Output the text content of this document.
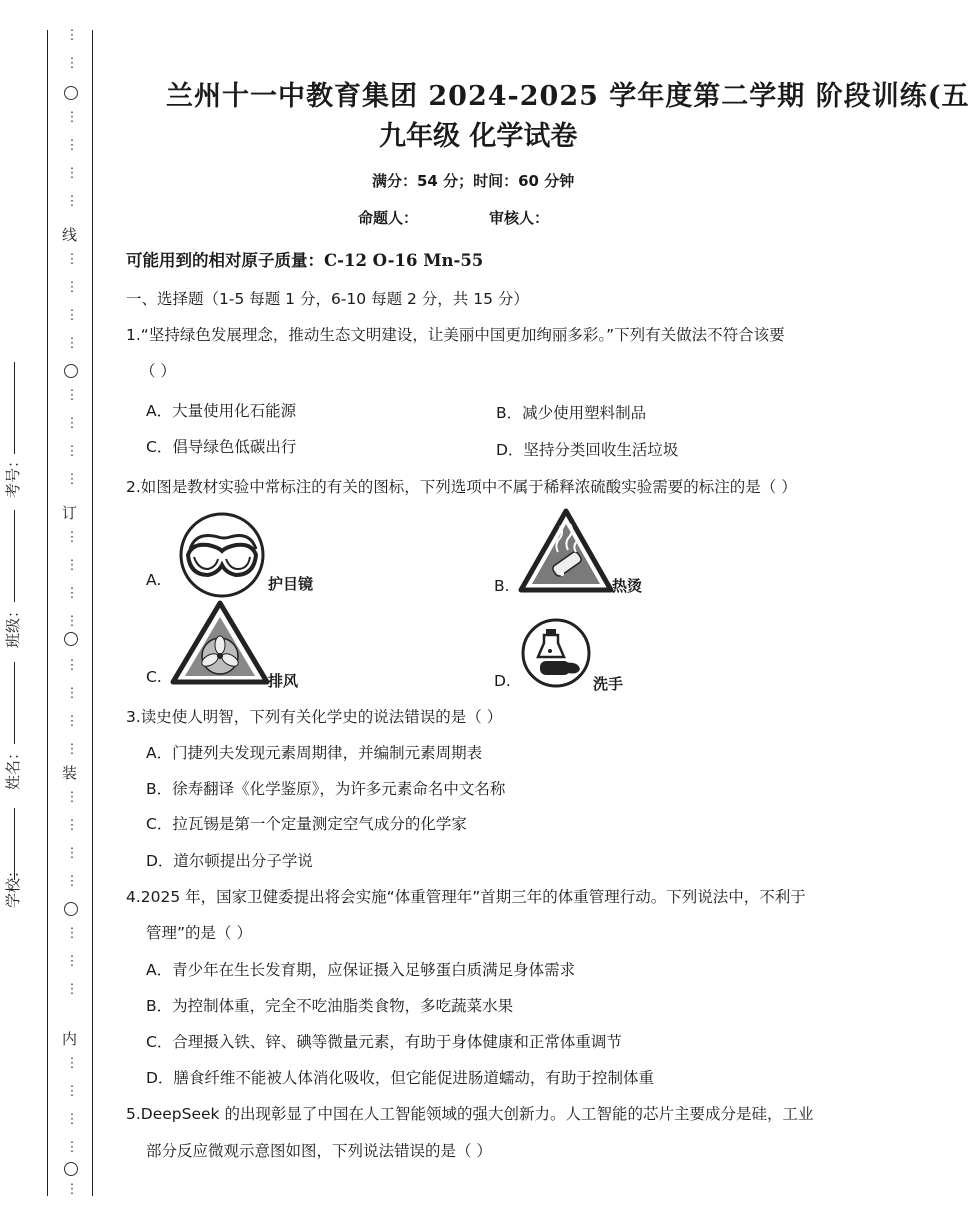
⋮
⋮
⋮
⋮
⋮
⋮
线
⋮
⋮
⋮
⋮
⋮
⋮
⋮
⋮
订
⋮
⋮
⋮
⋮
⋮
⋮
⋮
⋮
装
⋮
⋮
⋮
⋮
⋮
⋮
⋮
内
⋮
⋮
⋮
⋮
⋮
考号：
班级：
姓名：
学校：
兰州十一中教育集团 2024-2025 学年度第二学期 阶段训练(五
九年级 化学试卷
满分：54 分；时间：60 分钟
命题人：	审核人：
可能用到的相对原子质量：C-12 O-16 Mn-55
一、选择题（1-5 每题 1 分，6-10 每题 2 分，共 15 分）
1.“坚持绿色发展理念，推动生态文明建设，让美丽中国更加绚丽多彩。”下列有关做法不符合该要
（ ）
A．大量使用化石能源	B．减少使用塑料制品
C．倡导绿色低碳出行	D．坚持分类回收生活垃圾
2.如图是教材实验中常标注的有关的图标，下列选项中不属于稀释浓硫酸实验需要的标注的是（ ）
A.	护目镜	B.	热烫
C.	排风	D.	洗手
3.读史使人明智，下列有关化学史的说法错误的是（ ）
A．门捷列夫发现元素周期律，并编制元素周期表
B．徐寿翻译《化学鉴原》，为许多元素命名中文名称
C．拉瓦锡是第一个定量测定空气成分的化学家
D．道尔顿提出分子学说
4.2025 年，国家卫健委提出将会实施“体重管理年”首期三年的体重管理行动。下列说法中，不利于
管理”的是（ ）
A．青少年在生长发育期，应保证摄入足够蛋白质满足身体需求
B．为控制体重，完全不吃油脂类食物，多吃蔬菜水果
C．合理摄入铁、锌、碘等微量元素，有助于身体健康和正常体重调节
D．膳食纤维不能被人体消化吸收，但它能促进肠道蠕动，有助于控制体重
5.DeepSeek 的出现彰显了中国在人工智能领域的强大创新力。人工智能的芯片主要成分是硅，工业
部分反应微观示意图如图，下列说法错误的是（ ）
